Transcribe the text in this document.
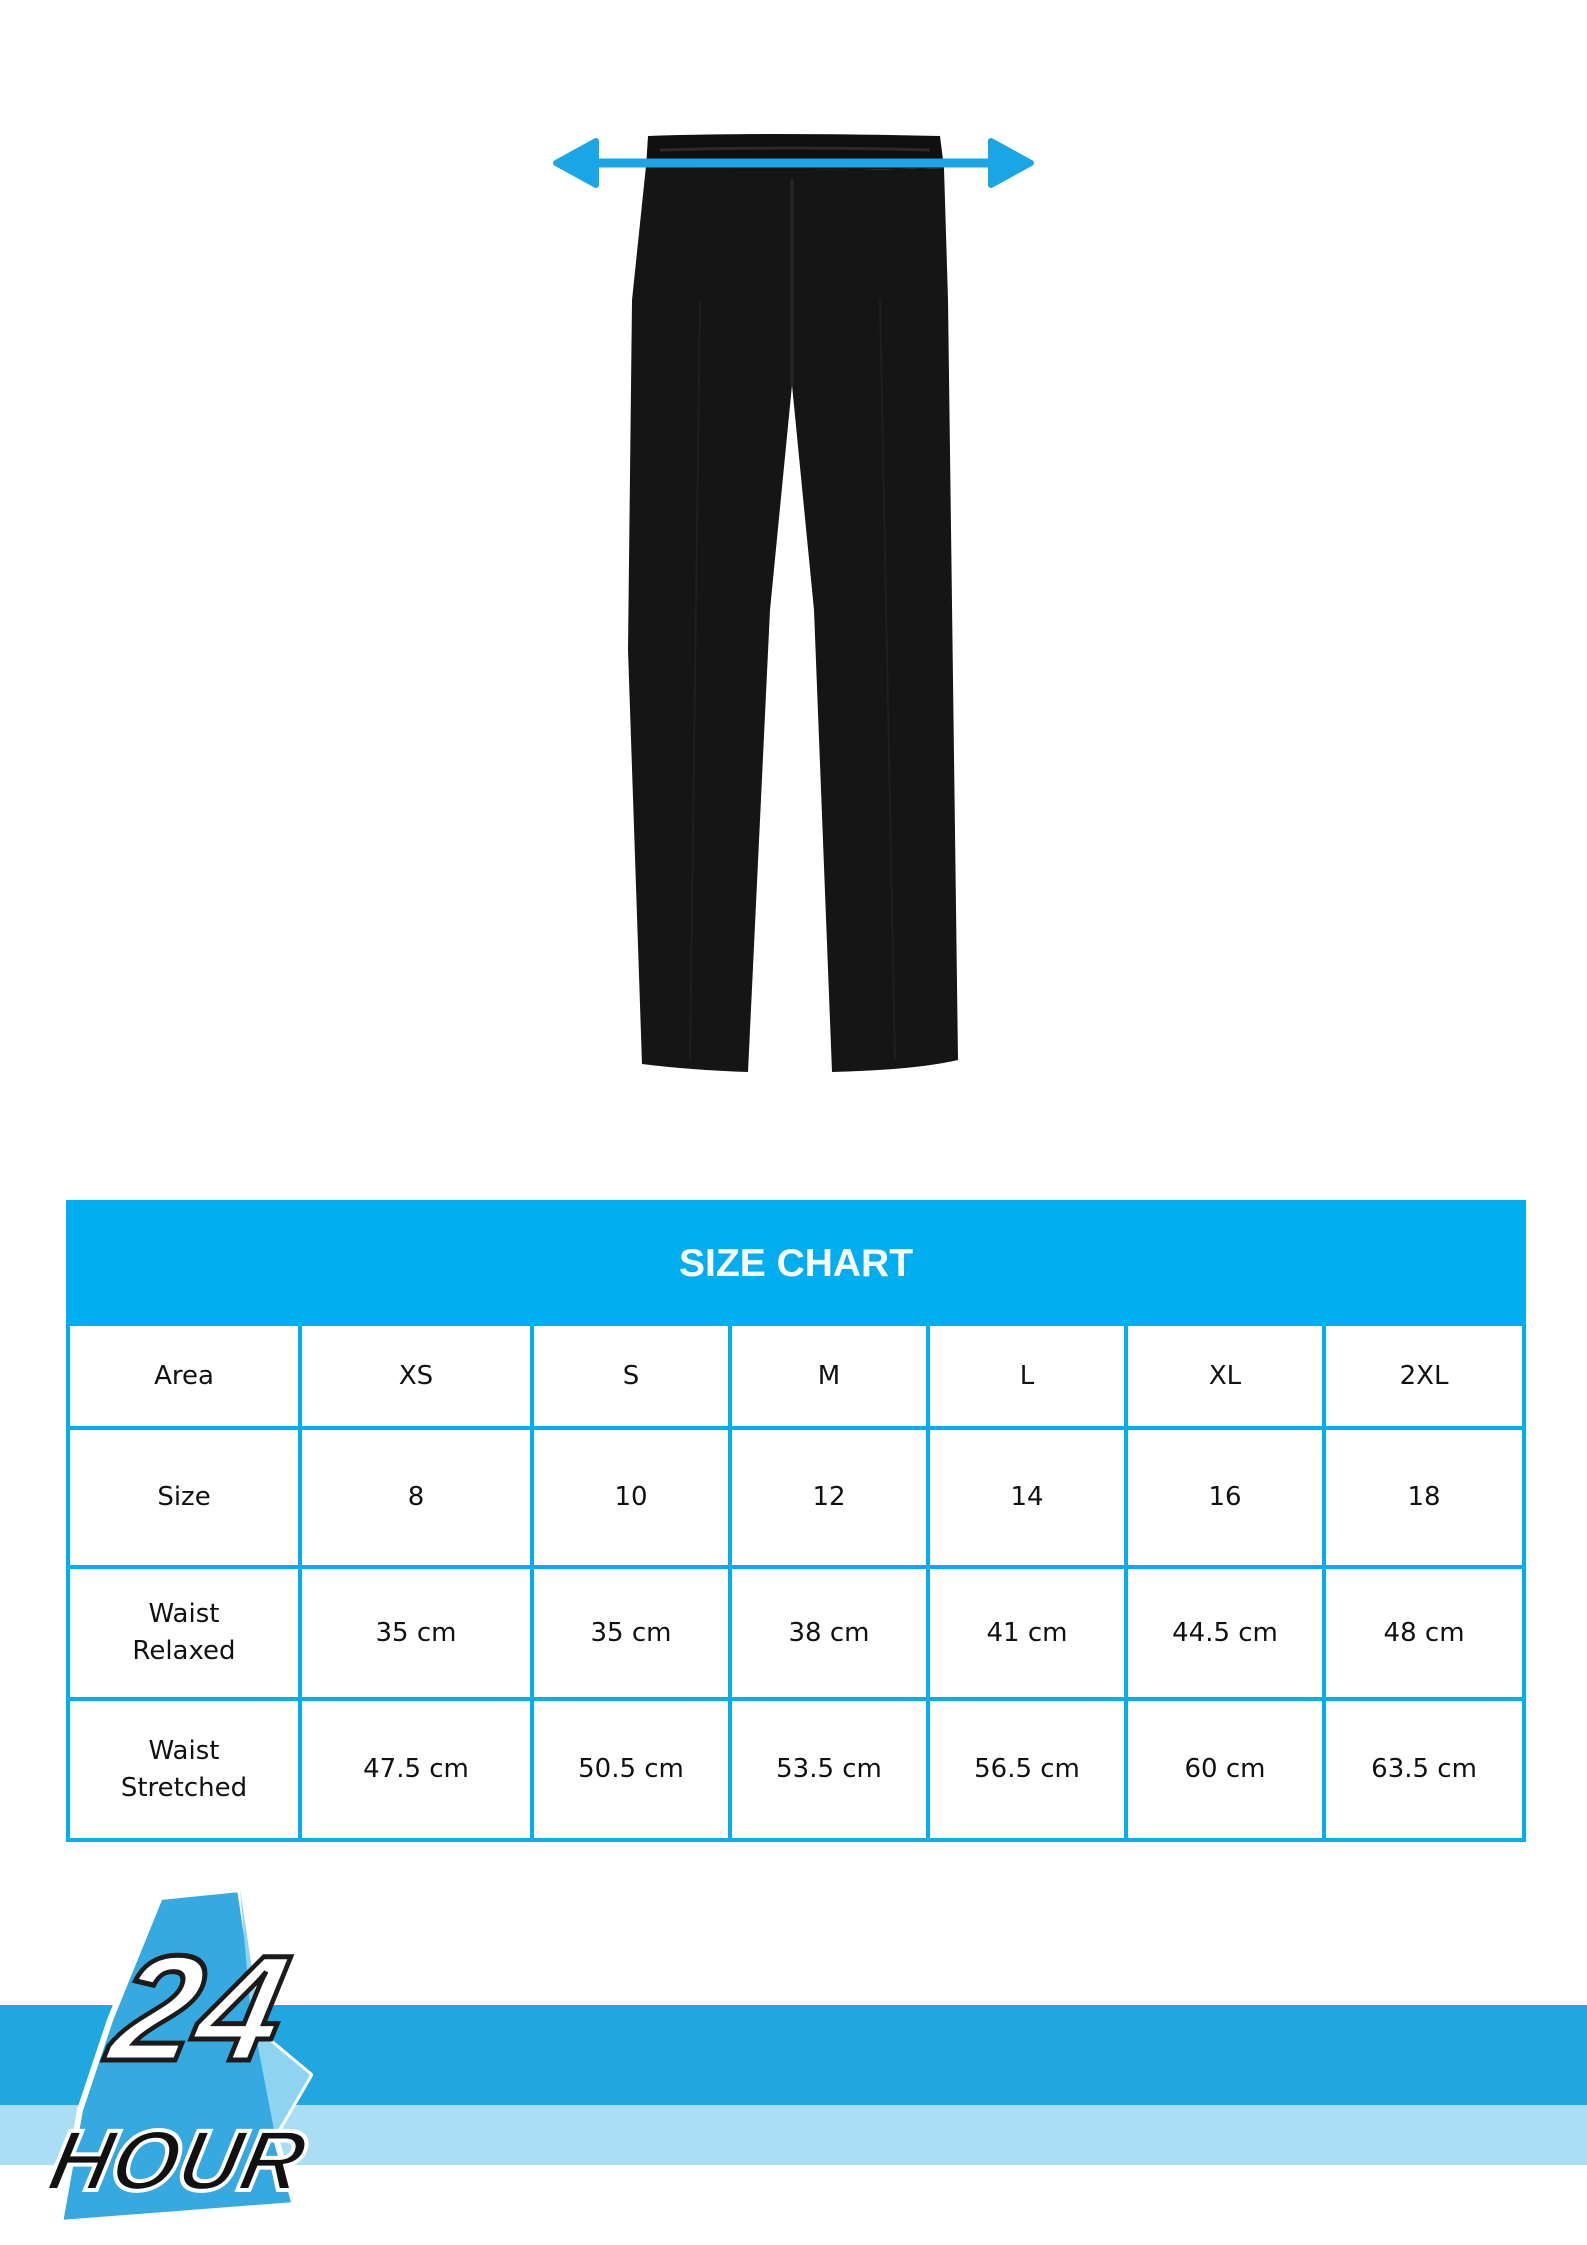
SIZE CHART						
Area	XS	S	M	L	XL	2XL
Size	8	10	12	14	16	18
Waist
Relaxed	35 cm	35 cm	38 cm	41 cm	44.5 cm	48 cm
Waist
Stretched	47.5 cm	50.5 cm	53.5 cm	56.5 cm	60 cm	63.5 cm
24
HOUR
